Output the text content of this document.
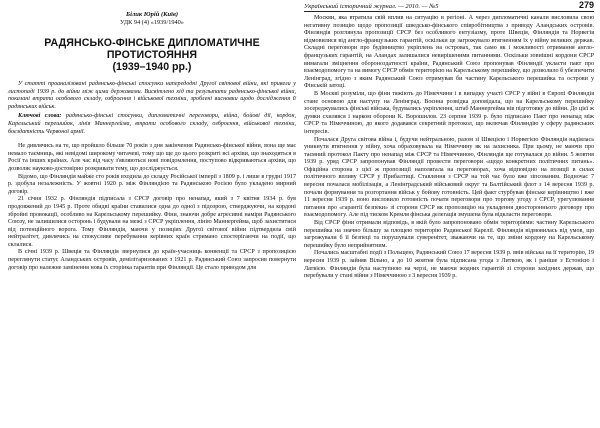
Білик Юрій (Київ)
УДК 94 (4) «1939/1940»
РАДЯНСЬКО-ФІНСЬКЕ ДИПЛОМАТИЧНЕ ПРОТИСТОЯННЯ
(1939–1940 рр.)
У статті проаналізовані радянсько-фінські стосунки напередодні Другої світової війни, які привели у листопаді 1939 р. до війни між цими державами. Висвітлено хід та результати радянсько-фінської війни, показані втрати особового складу, озброєння і військової техніки, зроблені висновки щодо дослідження її радянських військ.
Ключові слова: радянсько-фінські стосунки, дипломатичні переговори, війна, бойові дії, кордон, Карельський перешийок, лінія Маннергейма, втрати особового складу, озброєння, військової техніки, боєздатність Червоної армії.

Не дивлячись на те, що пройшло більше 70 років з дня закінчення Радянсько-фінської війни, вона ще має немало таємниць, які невідомі широкому читачеві, тому що ще до цього розкриті всі архіви, що знаходяться в Росії та інших країнах. Але час від часу з'являються нові повідомлення, поступово відкриваються архіви, що дозволяє науково-достовірно розкривати тему, що досліджується.

Відомо, що Фінляндія майже сто років входила до складу Російської імперії з 1809 р. і лише в грудні 1917 р. здобула незалежність. У жовтні 1920 р. між Фінляндією та Радянською Росією було укладено мирний договір.

21 січня 1932 р. Фінляндія підписала з СРСР договір про ненапад, який з 7 квітня 1934 р. був продовжений до 1945 р. Проте обидві країни ставилися одна до одної з підозрою, стверджуючи, на кордоні збройні провокації, особливо на Карельському перешийку. Фіни, знаючи добре агресивні наміри Радянського Союзу, не залишилися осторонь і будували на межі з СРСР укріплення, лінію Маннергейма, щоб захиститися від потенційного ворога. Тому Фінляндія, маючи у позиціях Другої світової війни підтвердила свій нейтралітет, дивлячись на спокусливе перебування керівних країн стримано спостерігаючи на події, що склалися.

В січні 1939 р. Швеція та Фінляндія звернулися до країн-учасниць конвенції та СРСР з пропозицією переглянути статус Аландських островів, демілітаризованих з 1921 р. Радянський Союз запросив повернути договір про належне замінення нова їх сторінка гарантів при Фінляндії. Це стало приводом для

Український історичний журнал. — 2010. — №5	279

Москви, яка втратила свій вплив на ситуацію в регіоні. А через дипломатичні канали висловила свою негативну позицію щодо пропозиції шведсько-фінського співробітництва з приводу Аландських островів. Фінляндія розглянула пропозиції СРСР без особливого ентузіазму, проте Швеція, Фінляндія та Норвегія відмовилися від англо-французьких гарантій, оскільки це загрожувало втягненням їх у війну великих держав. Складні переговори про будівництво укріплень на островах, так само як і можливості отримання англо-французьких гарантій, на Аландах залишалися невирішеними питаннями. Оскільки зовнішні кордони СРСР вимагали зміцнення обороноздатності країни, Радянський Союз пропонував Фінляндії укласти пакт про взаємодопомогу та на вимогу СРСР обмін територією на Карельському перешийку, що дозволило б убезпечити Ленінград, згідно з яким Радянський Союз отримував би частину Карельського перешийка та острови у Фінській затоці.

В Москві розуміли, що фіни тяжіють до Німеччини і в випадку участі СРСР у війні в Європі Фінляндія стане основою для наступу на Ленінград. Воєнна розвідка доповідала, що на Карельському перешийку зосереджувались фінські війська, будувались укріплення, штаб Маннергейма вів підготовку до війни. До цієї ж думки схилявся і нарком оборони К. Ворошилов. 23 серпня 1939 р. було підписано Пакт про ненапад між СРСР та Німеччиною, до якого додавався секретний протокол, що включав Фінляндію у сферу радянських інтересів.

Почалася Друга світова війна і, будучи нейтральною, разом зі Швецією і Норвегією Фінляндія надіялась уникнути втягнення у війну, хоча обраховувала на Німеччину як на захисника. При цьому, не маючи про таємний протокол Пакту про ненапад між СРСР та Німеччиною, Фінляндія ще готувалася до війни. 5 жовтня 1939 р. уряд СРСР запропонував Фінляндії провести переговори «щодо конкретних політичних питань». Офіційна сторона з цієї ж пропозиції наполягала на переговорах, хоча відповідно на позиції в силах політичного впливу СРСР у Прибалтиці. Ставлення з СРСР на той час було вже зіпсованим. Водночас 7 вересня почалася мобілізація, а Ленінградський військовий округ та Балтійський флот з 14 вересня 1939 р. почали формування та розгортання військ у бойову готовність. Цей факт стурбував фінське керівництво і вже 11 вересня 1939 р. воно висловило готовність почати переговори про торгову угоду з СРСР, урегулювання питання про «гарантії безпеки» зі сторони СРСР як пропозицію на укладення двостороннього договору про взаємодопомогу. Але під тиском Кремля фінська делегація змушена була відкласти переговори.

Від СРСР фіни отримали відповідь, в якій було запропоновано обмін територіями: частину Карельського перешийка на значно більшу за площею територію Радянської Карелії. Фінляндія відмовилась від умов, що загрожували б її безпеці та порушували суверенітет, зважаючи на те, що зміни кордону на Карельському перешийку було неприйнятним.

Почались масштабні події з Польщею, Радянський Союз 17 вересня 1939 р. ввів війська на її територію, 19 вересня 1939 р. зайняв Вільно, а до 10 жовтня була підписана угода з Литвою, як і раніше з Естонією і Латвією. Фінляндія була наступною на черзі, не маючи жодних гарантій зі сторони західних держав, що перебували у стані війни з Німеччиною з 3 вересня 1939 р.
